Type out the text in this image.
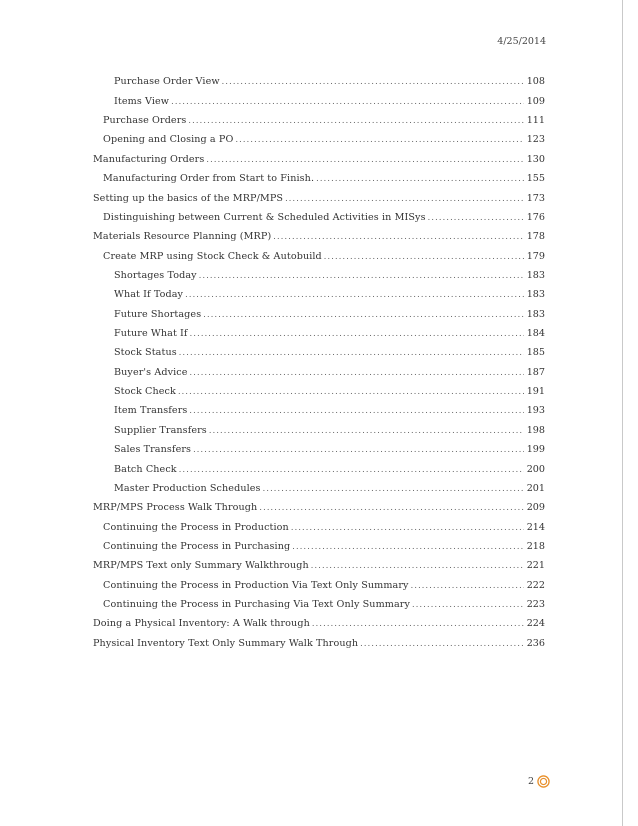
4/25/2014
Purchase Order View .....	108
Items View .....	109
Purchase Orders .....	111
Opening and Closing a PO .....	123
Manufacturing Orders .....	130
Manufacturing Order from Start to Finish. .....	155
Setting up the basics of the MRP/MPS .....	173
Distinguishing between Current & Scheduled Activities in MISys .....	176
Materials Resource Planning (MRP) .....	178
Create MRP using Stock Check & Autobuild .....	179
Shortages Today .....	183
What If Today .....	183
Future Shortages .....	183
Future What If .....	184
Stock Status .....	185
Buyer's Advice .....	187
Stock Check .....	191
Item Transfers .....	193
Supplier Transfers .....	198
Sales Transfers .....	199
Batch Check .....	200
Master Production Schedules .....	201
MRP/MPS Process Walk Through .....	209
Continuing the Process in Production .....	214
Continuing the Process in Purchasing .....	218
MRP/MPS Text only Summary Walkthrough .....	221
Continuing the Process in Production Via Text Only Summary .....	222
Continuing the Process in Purchasing Via Text Only Summary .....	223
Doing a Physical Inventory: A Walk through .....	224
Physical Inventory Text Only Summary Walk Through .....	236
2
